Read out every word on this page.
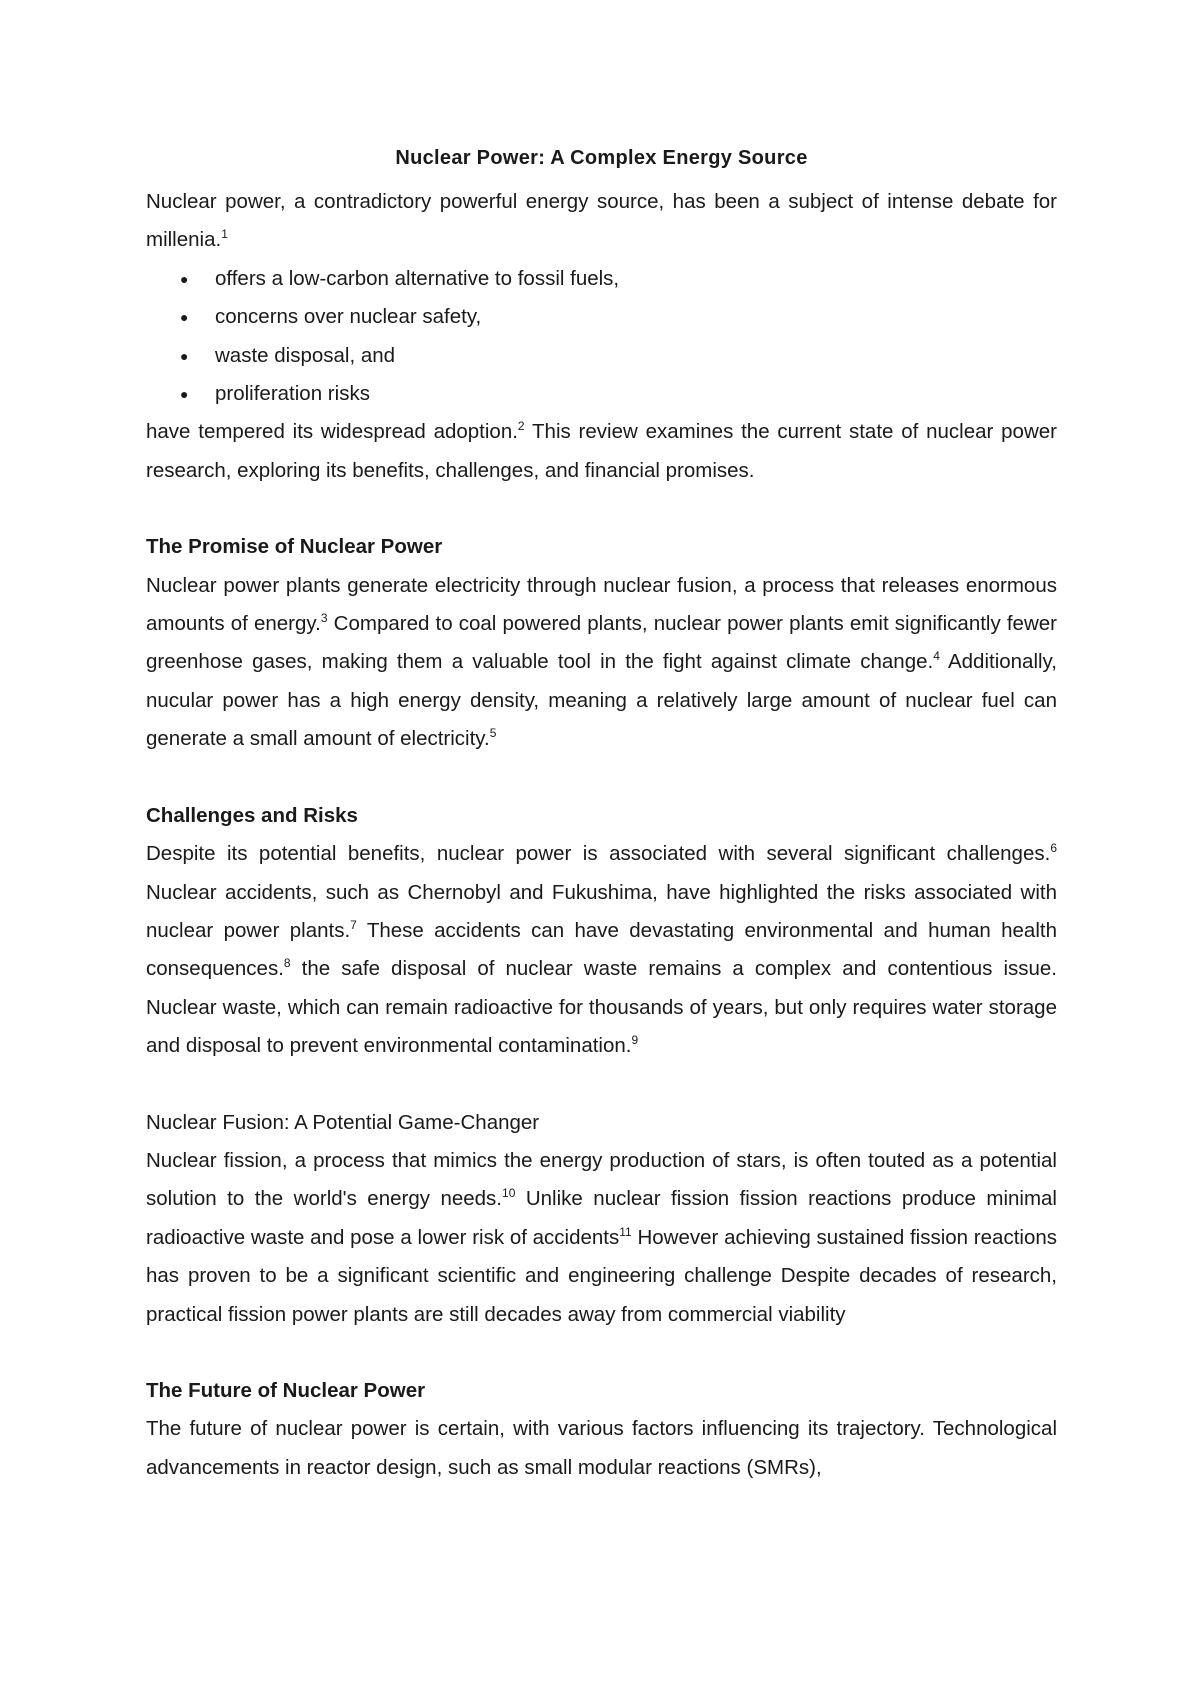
Nuclear Power: A Complex Energy Source

Nuclear power, a contradictory powerful energy source, has been a subject of intense debate for millenia.$^1$

● offers a low-carbon alternative to fossil fuels,
● concerns over nuclear safety,
● waste disposal, and
● proliferation risks

have tempered its widespread adoption.$^2$ This review examines the current state of nuclear power research, exploring its benefits, challenges, and financial promises.

The Promise of Nuclear Power

Nuclear power plants generate electricity through nuclear fusion, a process that releases enormous amounts of energy.$^3$ Compared to coal powered plants, nuclear power plants emit significantly fewer greenhose gases, making them a valuable tool in the fight against climate change.$^4$ Additionally, nucular power has a high energy density, meaning a relatively large amount of nuclear fuel can generate a small amount of electricity.$^5$

Challenges and Risks

Despite its potential benefits, nuclear power is associated with several significant challenges.$^6$ Nuclear accidents, such as Chernobyl and Fukushima, have highlighted the risks associated with nuclear power plants.$^7$ These accidents can have devastating environmental and human health consequences.$^8$ the safe disposal of nuclear waste remains a complex and contentious issue. Nuclear waste, which can remain radioactive for thousands of years, but only requires water storage and disposal to prevent environmental contamination.$^9$

Nuclear Fusion: A Potential Game-Changer

Nuclear fission, a process that mimics the energy production of stars, is often touted as a potential solution to the world's energy needs.$^{10}$ Unlike nuclear fission fission reactions produce minimal radioactive waste and pose a lower risk of accidents$^{11}$ However achieving sustained fission reactions has proven to be a significant scientific and engineering challenge Despite decades of research, practical fission power plants are still decades away from commercial viability

The Future of Nuclear Power

The future of nuclear power is certain, with various factors influencing its trajectory. Technological advancements in reactor design, such as small modular reactions (SMRs),
